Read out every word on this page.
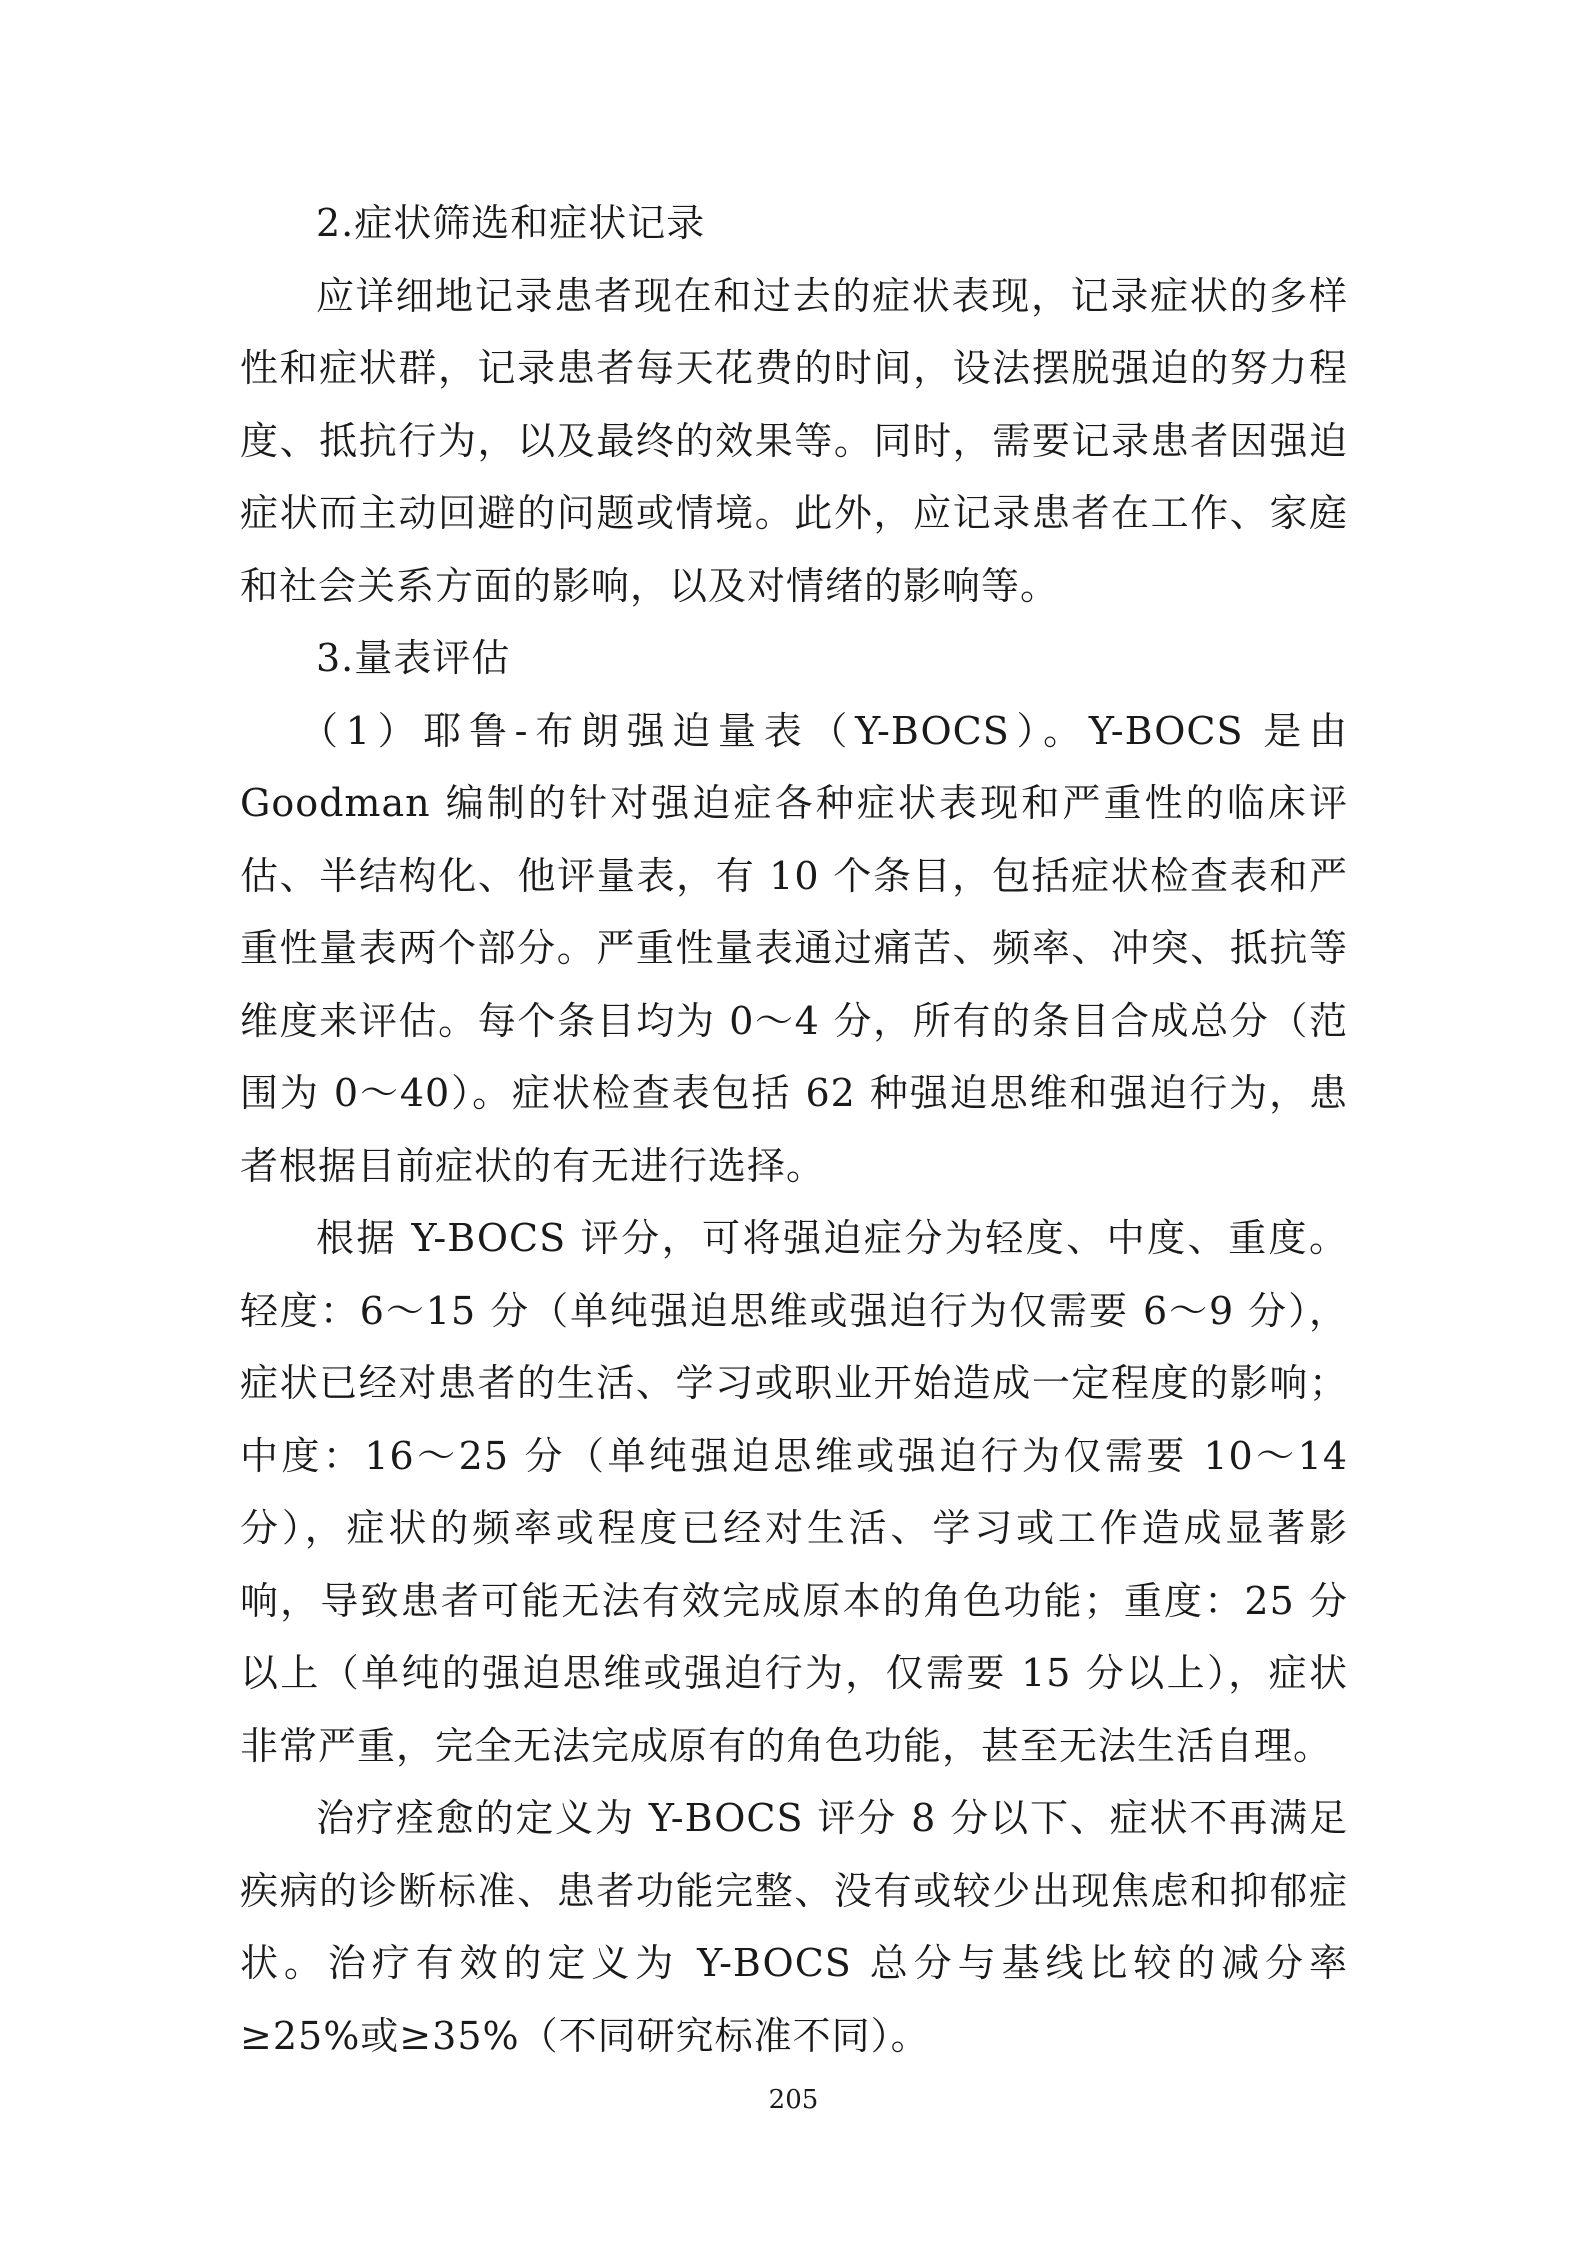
2.症状筛选和症状记录

应详细地记录患者现在和过去的症状表现，记录症状的多样性和症状群，记录患者每天花费的时间，设法摆脱强迫的努力程度、抵抗行为，以及最终的效果等。同时，需要记录患者因强迫症状而主动回避的问题或情境。此外，应记录患者在工作、家庭和社会关系方面的影响，以及对情绪的影响等。

3.量表评估

（1）耶鲁-布朗强迫量表（Y-BOCS）。Y-BOCS 是由 Goodman 编制的针对强迫症各种症状表现和严重性的临床评估、半结构化、他评量表，有 10 个条目，包括症状检查表和严重性量表两个部分。严重性量表通过痛苦、频率、冲突、抵抗等维度来评估。每个条目均为 0～4 分，所有的条目合成总分（范围为 0～40）。症状检查表包括 62 种强迫思维和强迫行为，患者根据目前症状的有无进行选择。

根据 Y-BOCS 评分，可将强迫症分为轻度、中度、重度。轻度：6～15 分（单纯强迫思维或强迫行为仅需要 6～9 分），症状已经对患者的生活、学习或职业开始造成一定程度的影响；中度：16～25 分（单纯强迫思维或强迫行为仅需要 10～14 分），症状的频率或程度已经对生活、学习或工作造成显著影响，导致患者可能无法有效完成原本的角色功能；重度：25 分以上（单纯的强迫思维或强迫行为，仅需要 15 分以上），症状非常严重，完全无法完成原有的角色功能，甚至无法生活自理。

治疗痊愈的定义为 Y-BOCS 评分 8 分以下、症状不再满足疾病的诊断标准、患者功能完整、没有或较少出现焦虑和抑郁症状。治疗有效的定义为 Y-BOCS 总分与基线比较的减分率≥25%或≥35%（不同研究标准不同）。

205
